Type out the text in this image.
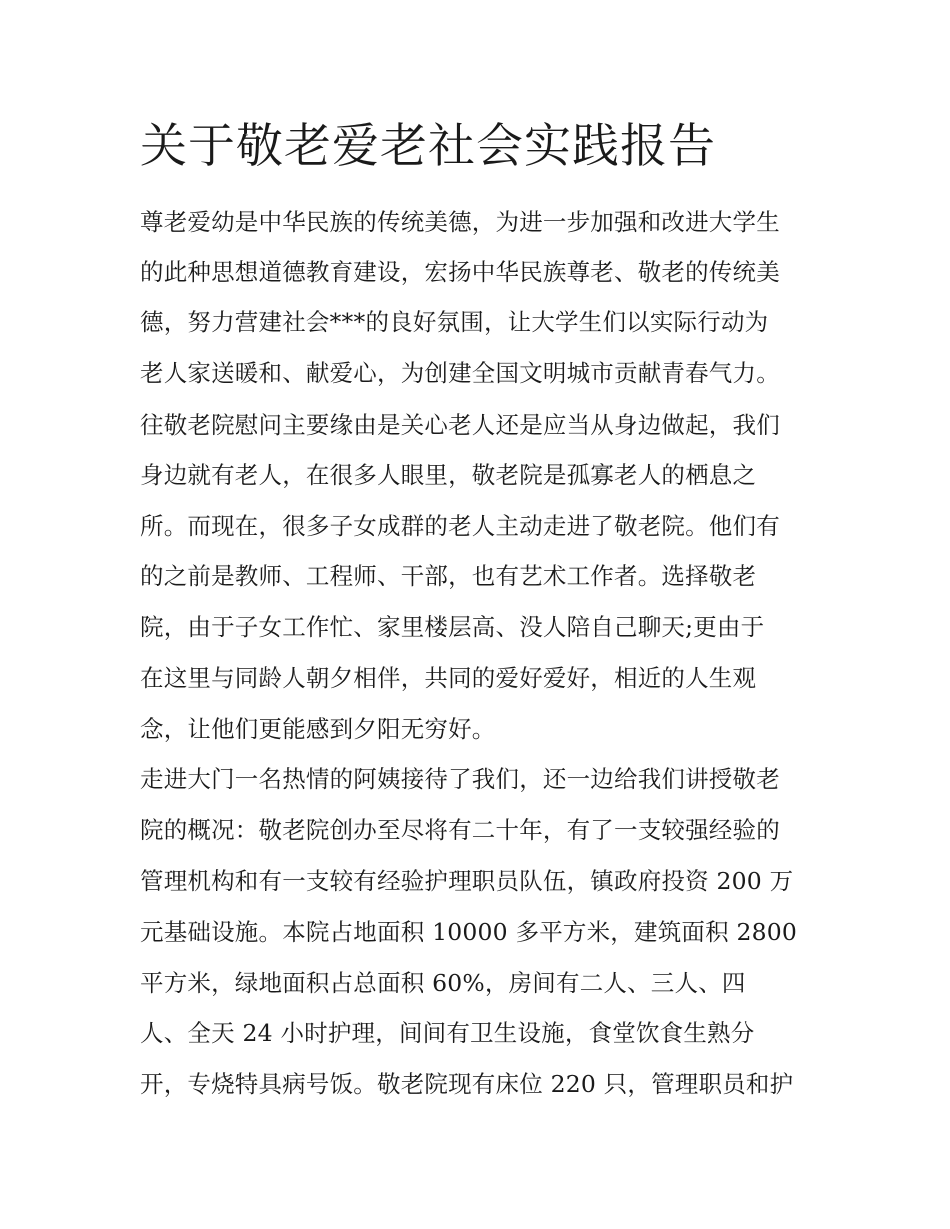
关于敬老爱老社会实践报告

尊老爱幼是中华民族的传统美德，为进一步加强和改进大学生

的此种思想道德教育建设，宏扬中华民族尊老、敬老的传统美

德，努力营建社会***的良好氛围，让大学生们以实际行动为

老人家送暖和、献爱心，为创建全国文明城市贡献青春气力。

往敬老院慰问主要缘由是关心老人还是应当从身边做起，我们

身边就有老人，在很多人眼里，敬老院是孤寡老人的栖息之

所。而现在，很多子女成群的老人主动走进了敬老院。他们有

的之前是教师、工程师、干部，也有艺术工作者。选择敬老

院，由于子女工作忙、家里楼层高、没人陪自己聊天;更由于

在这里与同龄人朝夕相伴，共同的爱好爱好，相近的人生观

念，让他们更能感到夕阳无穷好。

走进大门一名热情的阿姨接待了我们，还一边给我们讲授敬老

院的概况：敬老院创办至尽将有二十年，有了一支较强经验的

管理机构和有一支较有经验护理职员队伍，镇政府投资 200 万

元基础设施。本院占地面积 10000 多平方米，建筑面积 2800

平方米，绿地面积占总面积 60%，房间有二人、三人、四

人、全天 24 小时护理，间间有卫生设施，食堂饮食生熟分

开，专烧特具病号饭。敬老院现有床位 220 只，管理职员和护
